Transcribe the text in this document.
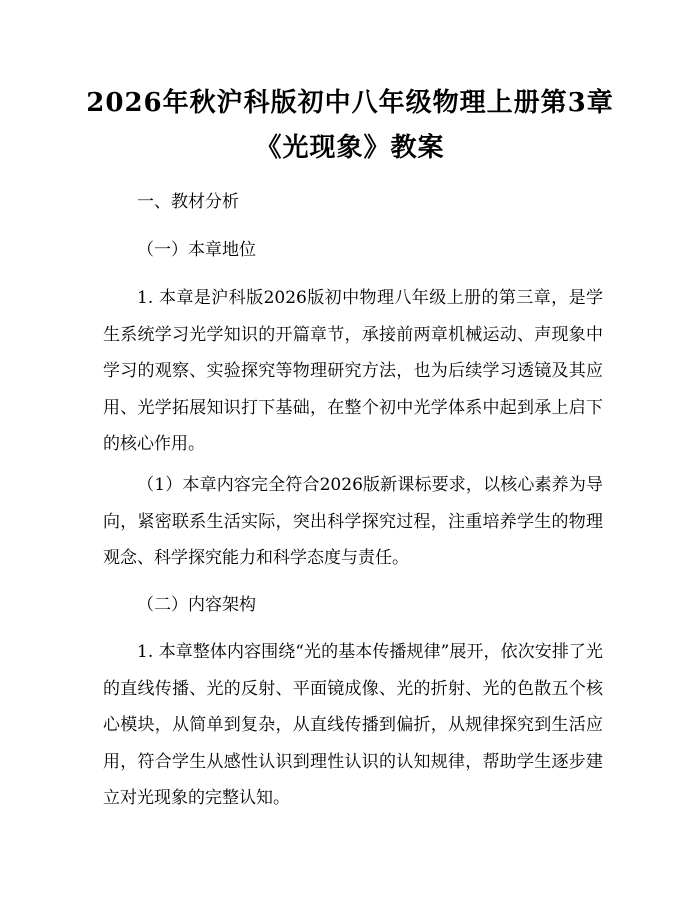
2026年秋沪科版初中八年级物理上册第3章
《光现象》教案
一、教材分析
（一）本章地位
1. 本章是沪科版2026版初中物理八年级上册的第三章，是学生系统学习光学知识的开篇章节，承接前两章机械运动、声现象中学习的观察、实验探究等物理研究方法，也为后续学习透镜及其应用、光学拓展知识打下基础，在整个初中光学体系中起到承上启下的核心作用。
（1）本章内容完全符合2026版新课标要求，以核心素养为导向，紧密联系生活实际，突出科学探究过程，注重培养学生的物理观念、科学探究能力和科学态度与责任。
（二）内容架构
1. 本章整体内容围绕“光的基本传播规律”展开，依次安排了光的直线传播、光的反射、平面镜成像、光的折射、光的色散五个核心模块，从简单到复杂，从直线传播到偏折，从规律探究到生活应用，符合学生从感性认识到理性认识的认知规律，帮助学生逐步建立对光现象的完整认知。
